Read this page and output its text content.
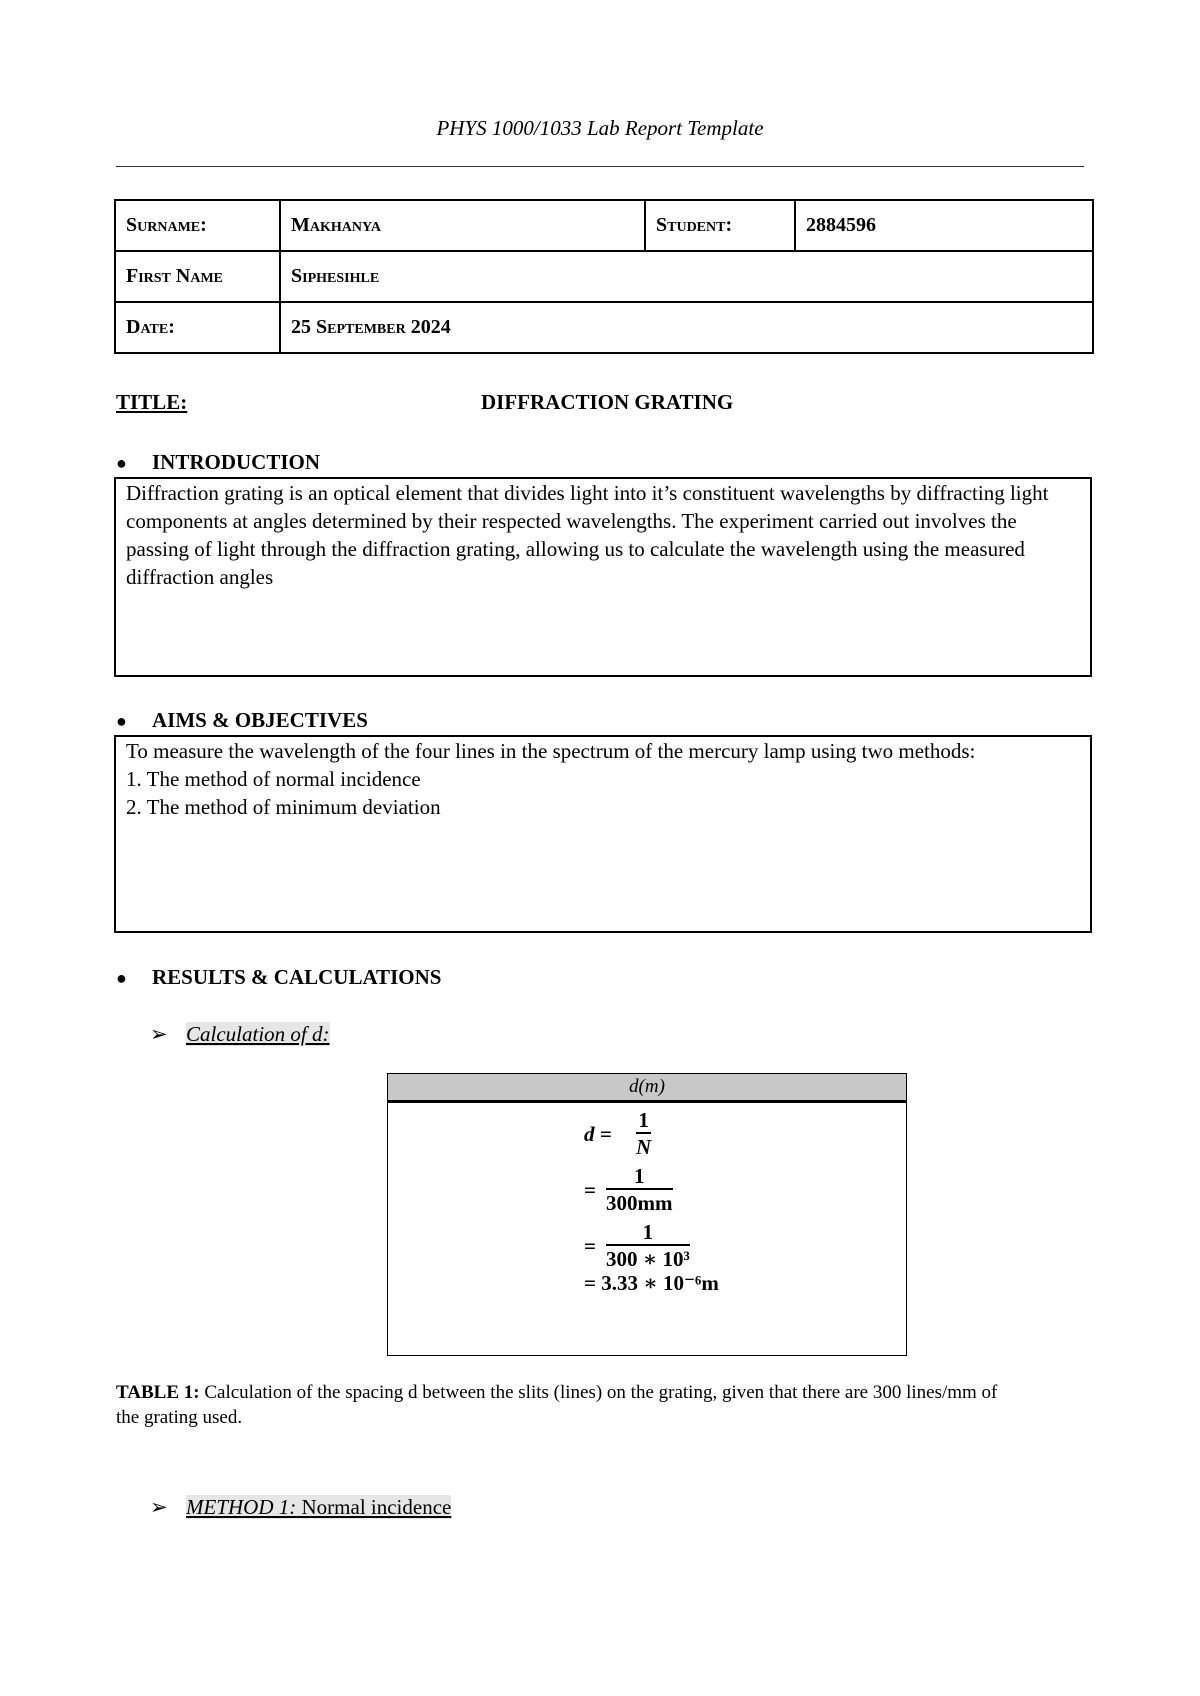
PHYS 1000/1033 Lab Report Template
Surname:	Makhanya	Student:	2884596
First Name	Siphesihle		
Date:	25 September 2024		
TITLE:	DIFFRACTION GRATING
● INTRODUCTION

Diffraction grating is an optical element that divides light into it’s constituent wavelengths by diffracting light components at angles determined by their respected wavelengths. The experiment carried out involves the passing of light through the diffraction grating, allowing us to calculate the wavelength using the measured diffraction angles

● AIMS & OBJECTIVES

To measure the wavelength of the four lines in the spectrum of the mercury lamp using two methods:

1. The method of normal incidence

2. The method of minimum deviation

● RESULTS & CALCULATIONS
➢ Calculation of d:
d(m)
$d = \frac{1}{N}$
= $\frac{1}{300mm}$
= $\frac{1}{\text{300 ∗ 10³}}$
= 3.33 ∗ 10⁻⁶m
TABLE 1: Calculation of the spacing d between the slits (lines) on the grating, given that there are 300 lines/mm of the grating used.
➢ METHOD 1: Normal incidence
